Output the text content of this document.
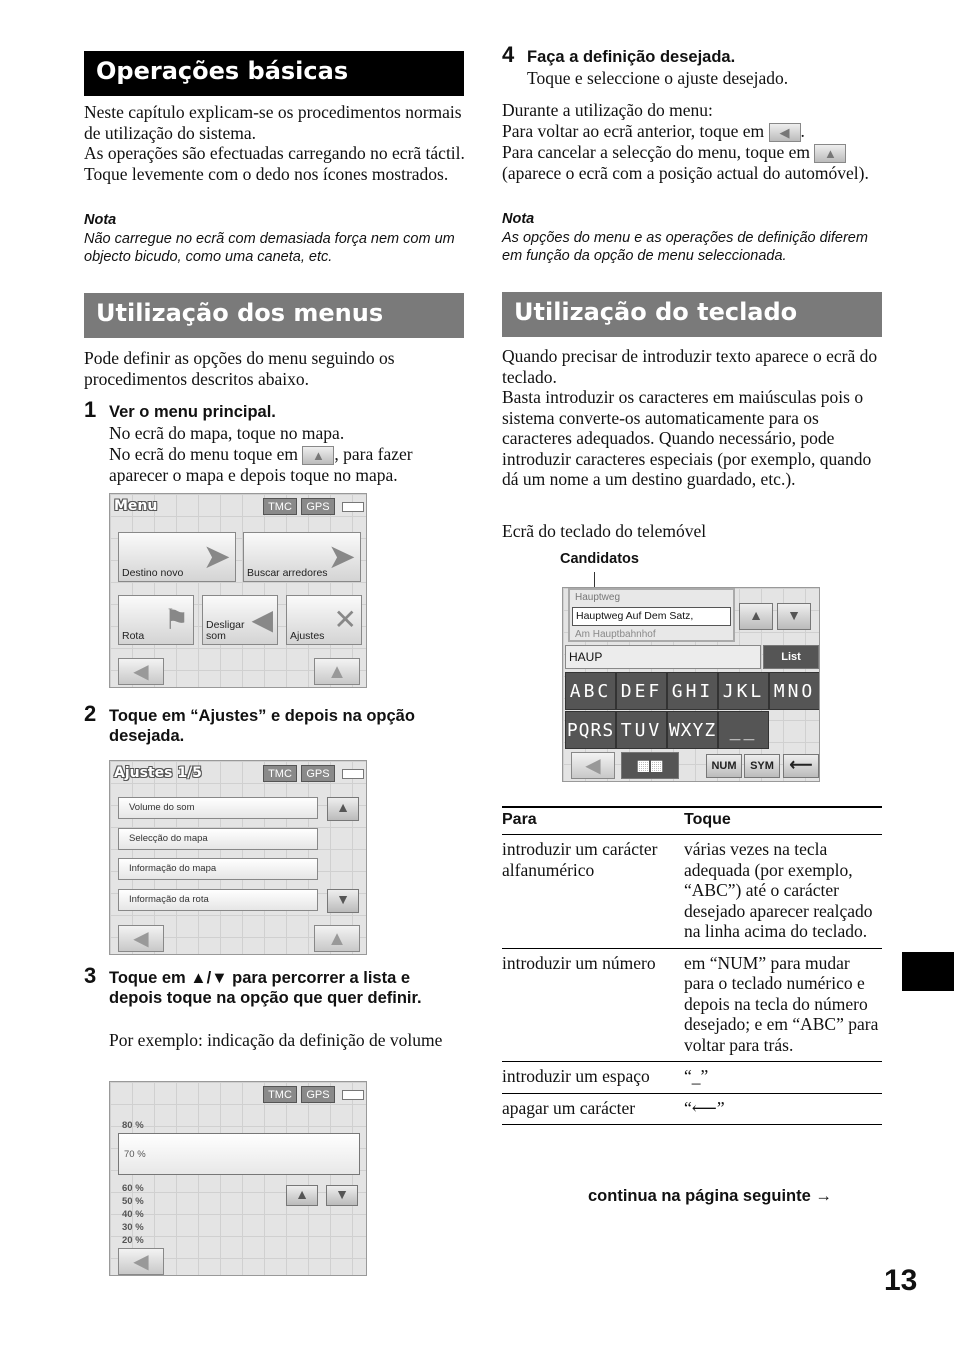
Operações básicas
Neste capítulo explicam-se os procedimentos normais de utilização do sistema.
As operações são efectuadas carregando no ecrã táctil. Toque levemente com o dedo nos ícones mostrados.
Nota
Não carregue no ecrã com demasiada força nem com um objecto bicudo, como uma caneta, etc.
Utilização dos menus
Pode definir as opções do menu seguindo os procedimentos descritos abaixo.
1 Ver o menu principal.
No ecrã do mapa, toque no mapa.
No ecrã do menu toque em	▲ , para fazer aparecer o mapa e depois toque no mapa.
Menu	TMC	GPS
➤
Destino novo	➤
Buscar arredores
⚑
Rota
◀
Desligar som
✕
Ajustes
◀	▲
2 Toque em “Ajustes” e depois na opção desejada.
Ajustes 1/5	TMC	GPS
Volume do som
Selecção do mapa
Informação do mapa
Informação da rota
▲
▼
◀	▲
3 Toque em ▲/▼ para percorrer a lista e depois toque na opção que quer definir.
Por exemplo: indicação da definição de volume
TMC	GPS
80 %
70 %
60 %
50 %
40 %
30 %
20 %
▲	▼
◀
4 Faça a definição desejada.
Toque e seleccione o ajuste desejado.
Durante a utilização do menu:
Para voltar ao ecrã anterior, toque em	◀ .
Para cancelar a selecção do menu, toque em	▲
(aparece o ecrã com a posição actual do automóvel).
Nota
As opções do menu e as operações de definição diferem em função da opção de menu seleccionada.
Utilização do teclado
Quando precisar de introduzir texto aparece o ecrã do teclado.
Basta introduzir os caracteres em maiúsculas pois o sistema converte-os automaticamente para os caracteres adequados. Quando necessário, pode introduzir caracteres especiais (por exemplo, quando dá um nome a um destino guardado, etc.).
Ecrã do teclado do telemóvel
Candidatos
Hauptweg
Hauptweg Auf Dem Satz,
Am Hauptbahnhof
▲	▼
HAUP	List
ABC DEF GHI JKL MNO
PQRS TUV WXYZ __
◀	▦▦	NUM	SYM ⟵
Para	Toque
introduzir um carácter alfanumérico	várias vezes na tecla adequada (por exemplo, “ABC”) até o carácter desejado aparecer realçado na linha acima do teclado.
introduzir um número	em “NUM” para mudar para o teclado numérico e depois na tecla do número desejado; e em “ABC” para voltar para trás.
introduzir um espaço	“_”
apagar um carácter	“⟵”
continua na página seguinte →
13
